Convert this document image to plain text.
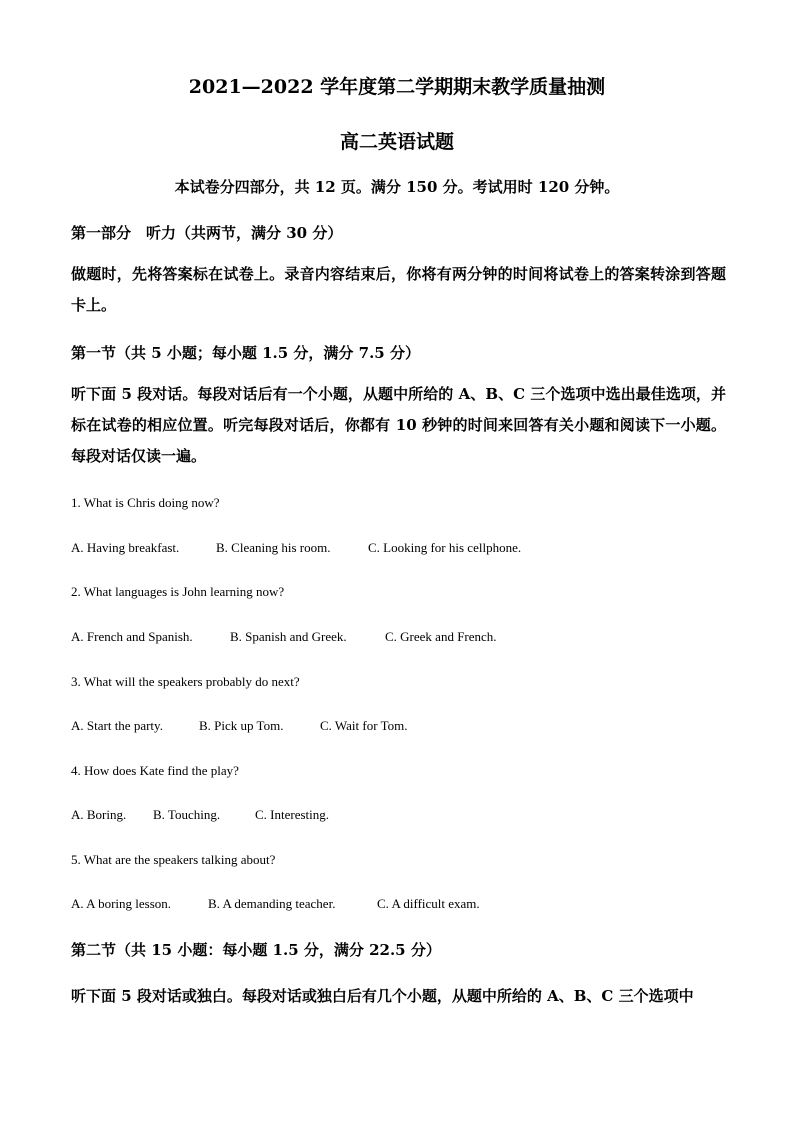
2021—2022 学年度第二学期期末教学质量抽测
高二英语试题
本试卷分四部分，共 12 页。满分 150 分。考试用时 120 分钟。
第一部分　听力（共两节，满分 30 分）
做题时，先将答案标在试卷上。录音内容结束后，你将有两分钟的时间将试卷上的答案转涂到答题卡上。
第一节（共 5 小题；每小题 1.5 分，满分 7.5 分）
听下面 5 段对话。每段对话后有一个小题，从题中所给的 A、B、C 三个选项中选出最佳选项，并标在试卷的相应位置。听完每段对话后，你都有 10 秒钟的时间来回答有关小题和阅读下一小题。每段对话仅读一遍。
1. What is Chris doing now?
A. Having breakfast.	B. Cleaning his room.	C. Looking for his cellphone.
2. What languages is John learning now?
A. French and Spanish.	B. Spanish and Greek.	C. Greek and French.
3. What will the speakers probably do next?
A. Start the party.	B. Pick up Tom.	C. Wait for Tom.
4. How does Kate find the play?
A. Boring. B. Touching.	C. Interesting.
5. What are the speakers talking about?
A. A boring lesson.	B. A demanding teacher.	C. A difficult exam.
第二节（共 15 小题：每小题 1.5 分，满分 22.5 分）
听下面 5 段对话或独白。每段对话或独白后有几个小题，从题中所给的 A、B、C 三个选项中
